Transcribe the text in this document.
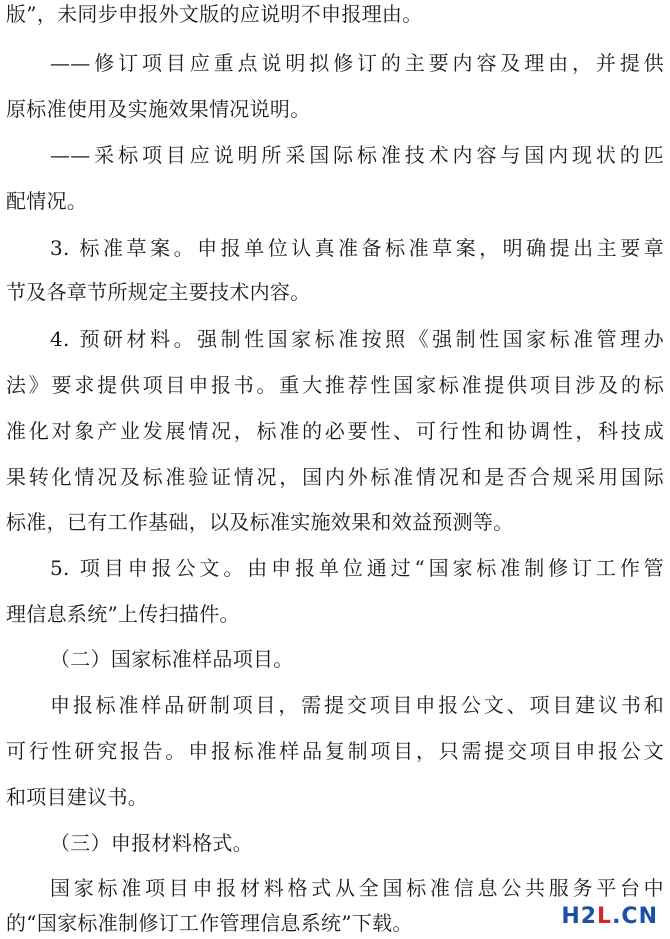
版”，未同步申报外文版的应说明不申报理由。
——修订项目应重点说明拟修订的主要内容及理由，并提供
原标准使用及实施效果情况说明。
——采标项目应说明所采国际标准技术内容与国内现状的匹
配情况。
3. 标准草案。申报单位认真准备标准草案，明确提出主要章
节及各章节所规定主要技术内容。
4. 预研材料。强制性国家标准按照《强制性国家标准管理办
法》要求提供项目申报书。重大推荐性国家标准提供项目涉及的标
准化对象产业发展情况，标准的必要性、可行性和协调性，科技成
果转化情况及标准验证情况，国内外标准情况和是否合规采用国际
标准，已有工作基础，以及标准实施效果和效益预测等。
5. 项目申报公文。由申报单位通过“国家标准制修订工作管
理信息系统”上传扫描件。
（二）国家标准样品项目。
申报标准样品研制项目，需提交项目申报公文、项目建议书和
可行性研究报告。申报标准样品复制项目，只需提交项目申报公文
和项目建议书。
（三）申报材料格式。
国家标准项目申报材料格式从全国标准信息公共服务平台中
的“国家标准制修订工作管理信息系统”下载。	H2L.CN
